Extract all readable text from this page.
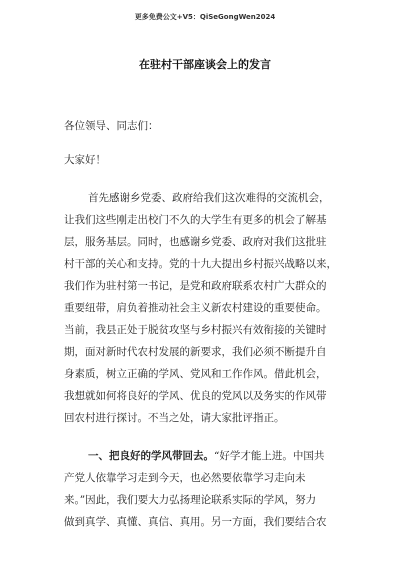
更多免费公文+V5：QiSeGongWen2024
在驻村干部座谈会上的发言
各位领导、同志们：
大家好！
首先感谢乡党委、政府给我们这次难得的交流机会，
让我们这些刚走出校门不久的大学生有更多的机会了解基
层，服务基层。同时，也感谢乡党委、政府对我们这批驻
村干部的关心和支持。党的十九大提出乡村振兴战略以来，
我们作为驻村第一书记，是党和政府联系农村广大群众的
重要纽带，肩负着推动社会主义新农村建设的重要使命。
当前，我县正处于脱贫攻坚与乡村振兴有效衔接的关键时
期，面对新时代农村发展的新要求，我们必须不断提升自
身素质，树立正确的学风、党风和工作作风。借此机会，
我想就如何将良好的学风、优良的党风以及务实的作风带
回农村进行探讨。不当之处，请大家批评指正。
一、把良好的学风带回去。“好学才能上进。中国共
产党人依靠学习走到今天，也必然要依靠学习走向未
来。”因此，我们要大力弘扬理论联系实际的学风，努力
做到真学、真懂、真信、真用。另一方面，我们要结合农
